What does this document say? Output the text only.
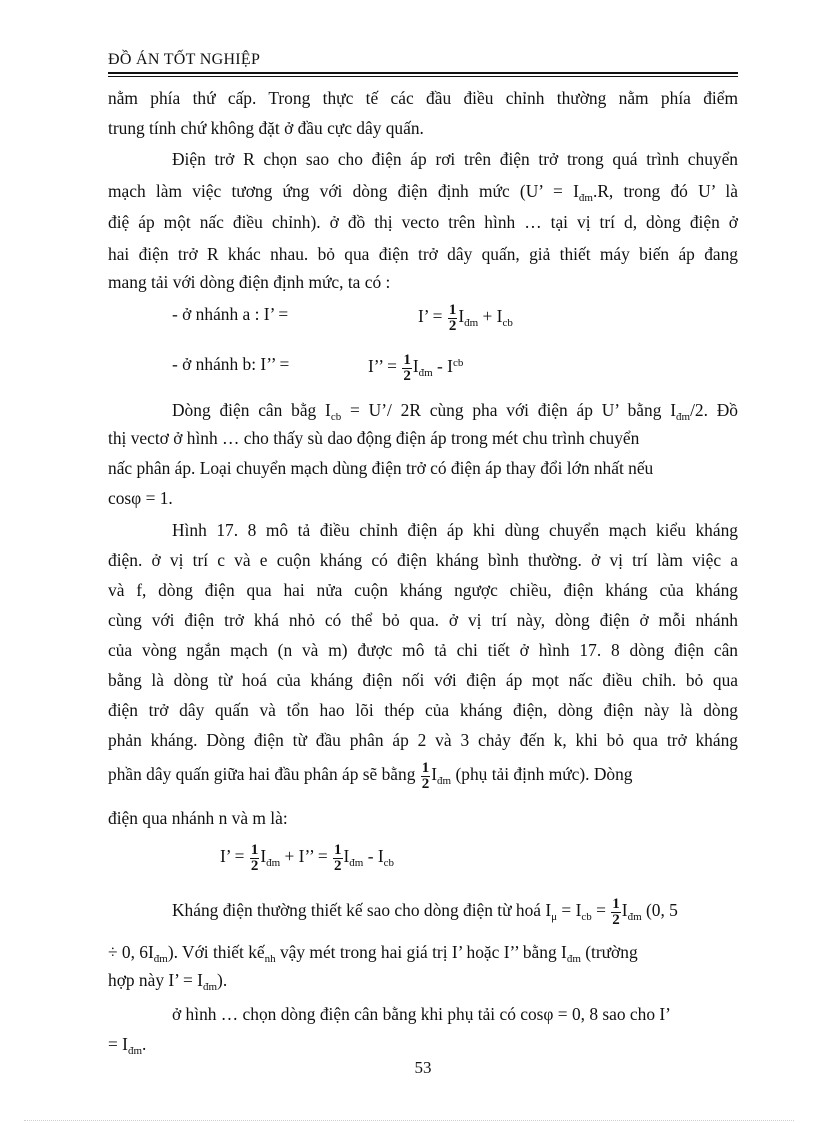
ĐỒ ÁN TỐT NGHIỆP
nằm phía thứ cấp. Trong thực tế các đầu điều chỉnh thường nằm phía điểm
trung tính chứ không đặt ở đầu cực dây quấn.
Điện trở R chọn sao cho điện áp rơi trên điện trở trong quá trình chuyển
mạch làm việc tương ứng với dòng điện định mức (U’ = $I_{đm}.R$, trong đó U’ là
điệ áp một nấc điều chỉnh). ở đồ thị vecto trên hình … tại vị trí d, dòng điện ở
hai điện trở R khác nhau. bỏ qua điện trở dây quấn, giả thiết máy biến áp đang
mang tải với dòng điện định mức, ta có :
- ở nhánh a : I’ =	I’ = $\frac{1}{2} I_{đm} + I_{cb}$
- ở nhánh b: I’’ =	I’’ = $\frac{1}{2} I_{đm} - I^{cb}$
Dòng điện cân bằg $I_{cb}$ = U’/ 2R cùng pha với điện áp U’ bằng $I_{đm}/2$. Đồ
thị vectơ ở hình … cho thấy sù dao động điện áp trong mét chu trình chuyển
nấc phân áp. Loại chuyển mạch dùng điện trở có điện áp thay đổi lớn nhất nếu
cosφ = 1.
Hình 17. 8 mô tả điều chỉnh điện áp khi dùng chuyển mạch kiểu kháng
điện. ở vị trí c và e cuộn kháng có điện kháng bình thường. ở vị trí làm việc a
và f, dòng điện qua hai nửa cuộn kháng ngược chiều, điện kháng của kháng
cùng với điện trở khá nhỏ có thể bỏ qua. ở vị trí này, dòng điện ở mỗi nhánh
của vòng ngắn mạch (n và m) được mô tả chi tiết ở hình 17. 8 dòng điện cân
bằng là dòng từ hoá của kháng điện nối với điện áp mọt nấc điều chỉh. bỏ qua
điện trở dây quấn và tổn hao lõi thép của kháng điện, dòng điện này là dòng
phản kháng. Dòng điện từ đầu phân áp 2 và 3 chảy đến k, khi bỏ qua trở kháng
phần dây quấn giữa hai đầu phân áp sẽ bằng $\frac{1}{2} I_{đm}$ (phụ tải định mức). Dòng
điện qua nhánh n và m là:
I’ = $\frac{1}{2} I_{đm} + I$’’ = $\frac{1}{2} I_{đm} - I_{cb}$
Kháng điện thường thiết kế sao cho dòng điện từ hoá $I_\mu = I_{cb} = \frac{1}{2} I_{đm}$ (0, 5
÷ 0, $6I_{đm}$). Với thiết kế$_{nh}$ vậy mét trong hai giá trị I’ hoặc I’’ bằng $I_{đm}$ (trường
hợp này I’ = $I_{đm}$).
ở hình … chọn dòng điện cân bằng khi phụ tải có cosφ = 0, 8 sao cho I’
= $I_{đm}$.
53
